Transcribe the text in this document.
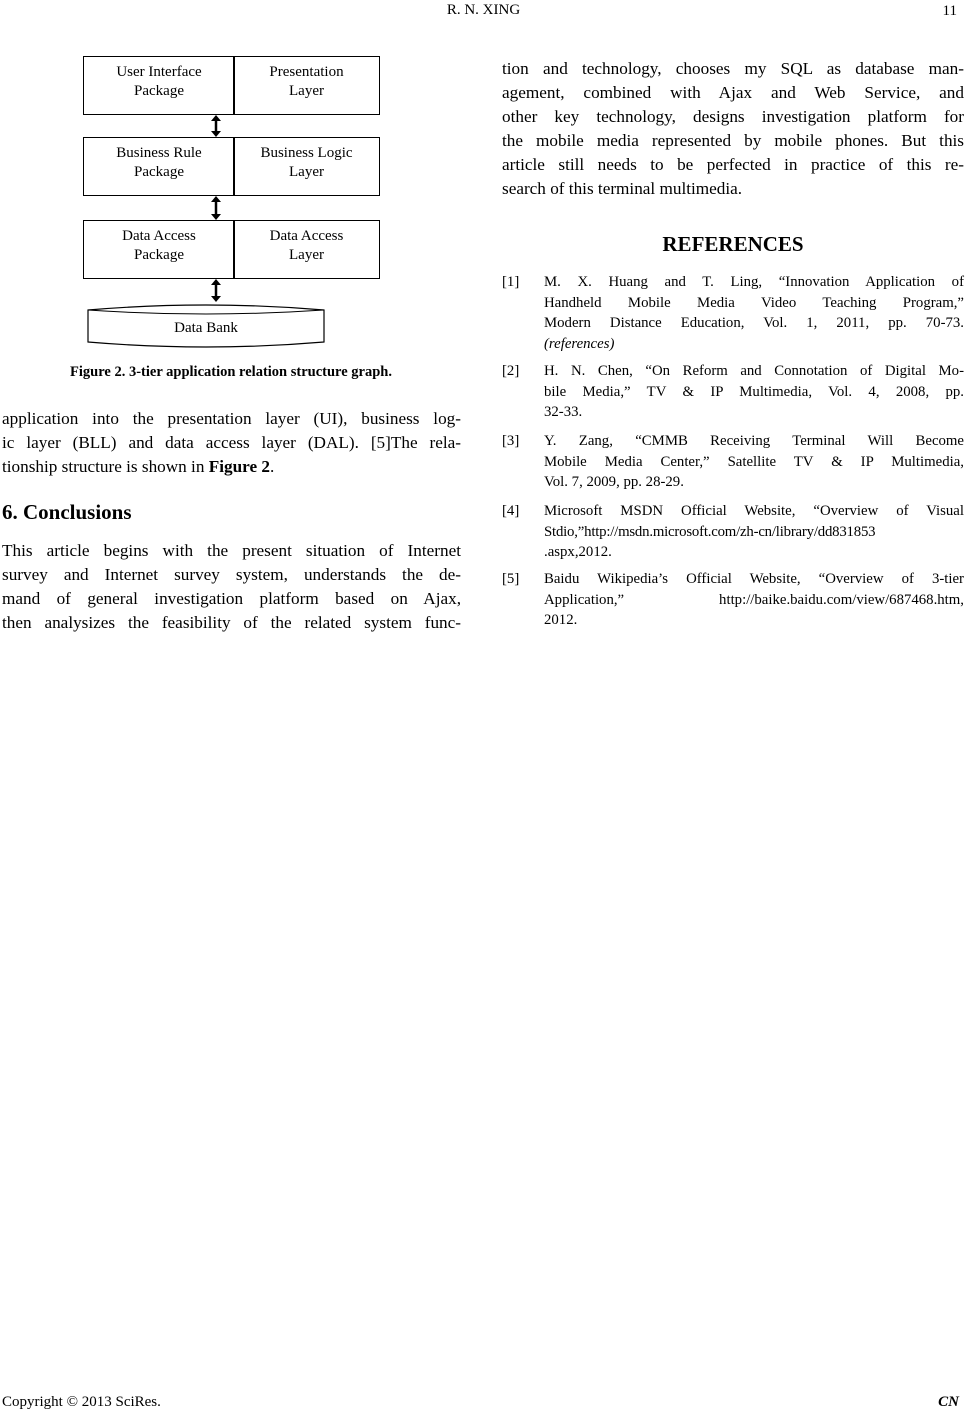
R. N. XING	11
User Interface
Package
Presentation
Layer
Business Rule
Package
Business Logic
Layer
Data Access
Package
Data Access
Layer
Data Bank
Figure 2. 3-tier application relation structure graph.
application into the presentation layer (UI), business log-
ic layer (BLL) and data access layer (DAL). [5]The rela-
tionship structure is shown in Figure 2.
6. Conclusions
This article begins with the present situation of Internet
survey and Internet survey system, understands the de-
mand of general investigation platform based on Ajax,
then analysizes the feasibility of the related system func-
tion and technology, chooses my SQL as database man-
agement, combined with Ajax and Web Service, and
other key technology, designs investigation platform for
the mobile media represented by mobile phones. But this
article still needs to be perfected in practice of this re-
search of this terminal multimedia.
REFERENCES
[1] M. X. Huang and T. Ling, “Innovation Application of
Handheld Mobile Media Video Teaching Program,”
Modern Distance Education, Vol. 1, 2011, pp. 70-73.
(references)
[2] H. N. Chen, “On Reform and Connotation of Digital Mo-
bile Media,” TV & IP Multimedia, Vol. 4, 2008, pp.
32-33.
[3] Y. Zang, “CMMB Receiving Terminal Will Become
Mobile Media Center,” Satellite TV & IP Multimedia,
Vol. 7, 2009, pp. 28-29.
[4] Microsoft MSDN Official Website, “Overview of Visual
Stdio,”http://msdn.microsoft.com/zh-cn/library/dd831853
.aspx,2012.
[5] Baidu Wikipedia’s Official Website, “Overview of 3-tier
Application,” http://baike.baidu.com/view/687468.htm,
2012.
Copyright © 2013 SciRes.	CN
